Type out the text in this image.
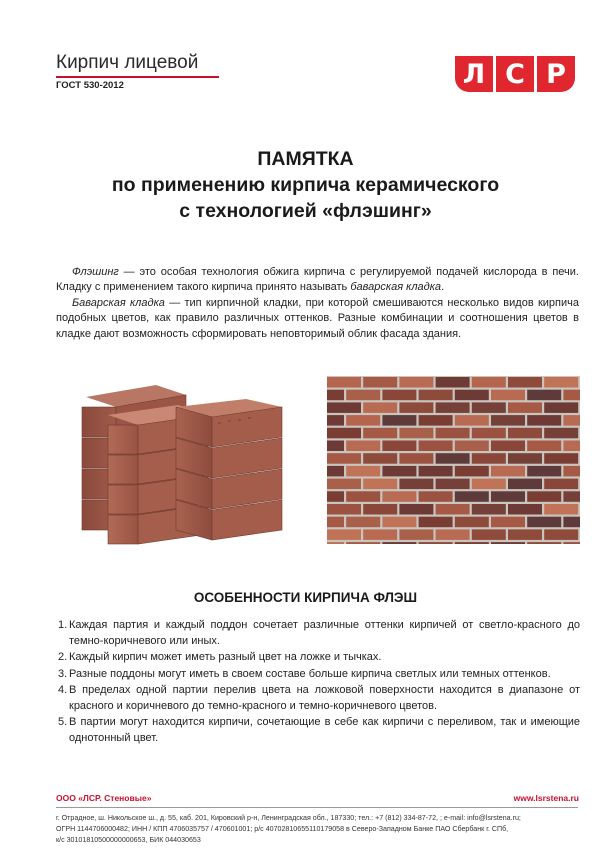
Кирпич лицевой
ГОСТ 530-2012	Л С Р
ПАМЯТКА
по применению кирпича керамического
с технологией «флэшинг»

Флэшинг — это особая технология обжига кирпича с регулируемой подачей кислорода в печи. Кладку с применением такого кирпича принято называть баварская кладка.

Баварская кладка — тип кирпичной кладки, при которой смешиваются несколько видов кирпича подобных цветов, как правило различных оттенков. Разные комбинации и соотношения цветов в кладке дают возможность сформировать неповторимый облик фасада здания.

ОСОБЕННОСТИ КИРПИЧА ФЛЭШ
1. Каждая партия и каждый поддон сочетает различные оттенки кирпичей от светло-красного до темно-коричневого или иных.
2. Каждый кирпич может иметь разный цвет на ложке и тычках.
3. Разные поддоны могут иметь в своем составе больше кирпича светлых или темных оттенков.
4. В пределах одной партии перелив цвета на ложковой поверхности находится в диапазоне от красного и коричневого до темно-красного и темно-коричневого цветов.
5. В партии могут находится кирпичи, сочетающие в себе как кирпичи с переливом, так и имеющие однотонный цвет.
ООО «ЛСР. Стеновые»	www.lsrstena.ru
г. Отрадное, ш. Никольское ш., д. 55, каб. 201, Кировский р-н, Ленинградская обл., 187330; тел.: +7 (812) 334-87-72, ; e-mail: info@lsrstena.ru;
ОГРН 1144706000482; ИНН / КПП 4706035757 / 470601001; р/с 40702810655110179058 в Северо-Западном Банке ПАО Сбербанк г. СПб,
к/с 30101810500000000653, БИК 044030653
